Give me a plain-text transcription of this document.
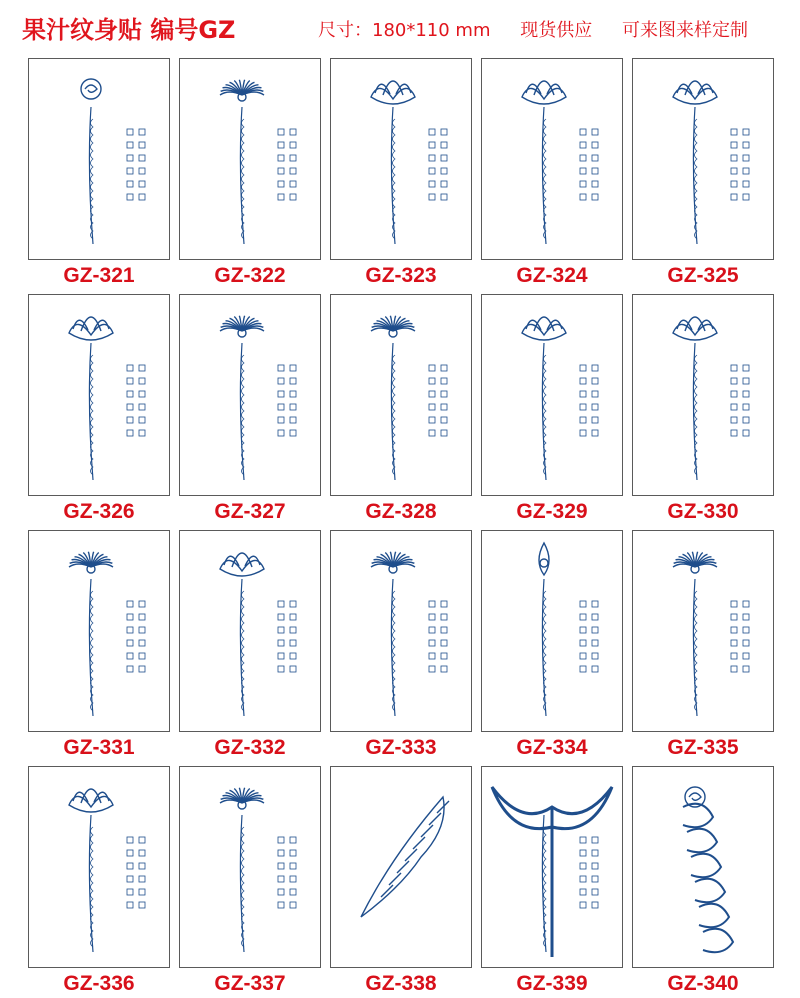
果汁纹身贴 编号GZ	尺寸：180*110 mm 现货供应 可来图来样定制
GZ-321	GZ-322	GZ-323	GZ-324	GZ-325
GZ-326	GZ-327	GZ-328	GZ-329	GZ-330
GZ-331	GZ-332	GZ-333	GZ-334	GZ-335
GZ-336	GZ-337	GZ-338	GZ-339	GZ-340
